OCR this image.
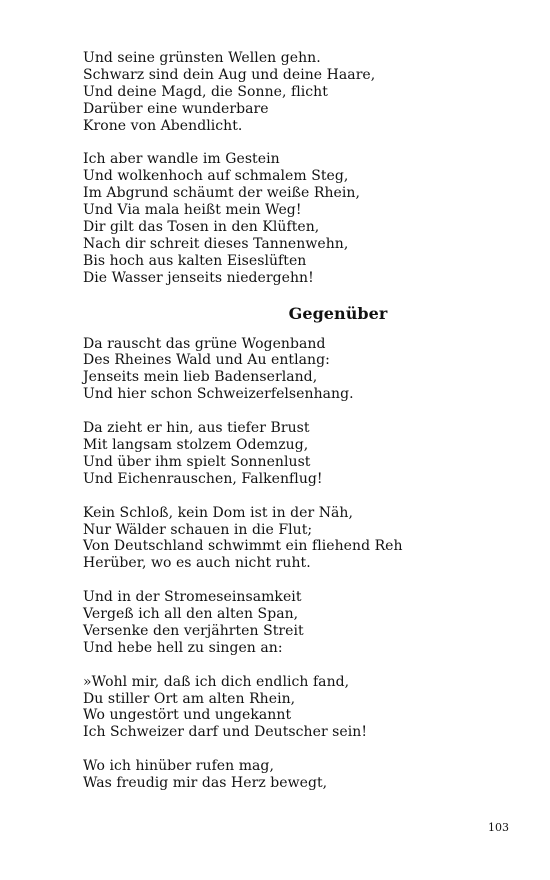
Und seine grünsten Wellen gehn.
Schwarz sind dein Aug und deine Haare,
Und deine Magd, die Sonne, flicht
Darüber eine wunderbare
Krone von Abendlicht.
Ich aber wandle im Gestein
Und wolkenhoch auf schmalem Steg,
Im Abgrund schäumt der weiße Rhein,
Und Via mala heißt mein Weg!
Dir gilt das Tosen in den Klüften,
Nach dir schreit dieses Tannenwehn,
Bis hoch aus kalten Eiseslüften
Die Wasser jenseits niedergehn!
Gegenüber
Da rauscht das grüne Wogenband
Des Rheines Wald und Au entlang:
Jenseits mein lieb Badenserland,
Und hier schon Schweizerfelsenhang.
Da zieht er hin, aus tiefer Brust
Mit langsam stolzem Odemzug,
Und über ihm spielt Sonnenlust
Und Eichenrauschen, Falkenflug!
Kein Schloß, kein Dom ist in der Näh,
Nur Wälder schauen in die Flut;
Von Deutschland schwimmt ein fliehend Reh
Herüber, wo es auch nicht ruht.
Und in der Stromeseinsamkeit
Vergeß ich all den alten Span,
Versenke den verjährten Streit
Und hebe hell zu singen an:
»Wohl mir, daß ich dich endlich fand,
Du stiller Ort am alten Rhein,
Wo ungestört und ungekannt
Ich Schweizer darf und Deutscher sein!
Wo ich hinüber rufen mag,
Was freudig mir das Herz bewegt,
103
